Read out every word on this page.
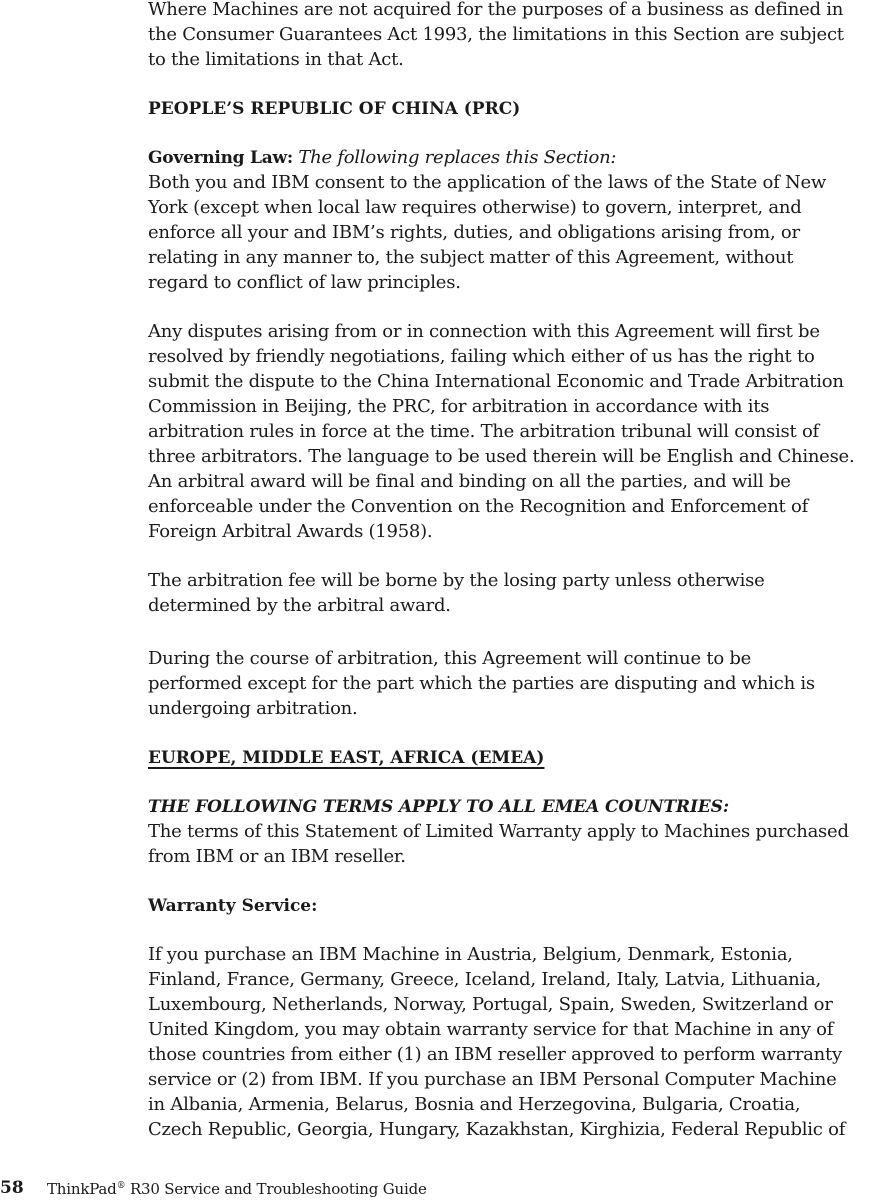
Where Machines are not acquired for the purposes of a business as defined in
the Consumer Guarantees Act 1993, the limitations in this Section are subject
to the limitations in that Act.
PEOPLE’S REPUBLIC OF CHINA (PRC)
Governing Law: The following replaces this Section:
Both you and IBM consent to the application of the laws of the State of New
York (except when local law requires otherwise) to govern, interpret, and
enforce all your and IBM’s rights, duties, and obligations arising from, or
relating in any manner to, the subject matter of this Agreement, without
regard to conflict of law principles.
Any disputes arising from or in connection with this Agreement will first be
resolved by friendly negotiations, failing which either of us has the right to
submit the dispute to the China International Economic and Trade Arbitration
Commission in Beijing, the PRC, for arbitration in accordance with its
arbitration rules in force at the time. The arbitration tribunal will consist of
three arbitrators. The language to be used therein will be English and Chinese.
An arbitral award will be final and binding on all the parties, and will be
enforceable under the Convention on the Recognition and Enforcement of
Foreign Arbitral Awards (1958).
The arbitration fee will be borne by the losing party unless otherwise
determined by the arbitral award.
During the course of arbitration, this Agreement will continue to be
performed except for the part which the parties are disputing and which is
undergoing arbitration.
EUROPE, MIDDLE EAST, AFRICA (EMEA)
THE FOLLOWING TERMS APPLY TO ALL EMEA COUNTRIES:
The terms of this Statement of Limited Warranty apply to Machines purchased
from IBM or an IBM reseller.
Warranty Service:
If you purchase an IBM Machine in Austria, Belgium, Denmark, Estonia,
Finland, France, Germany, Greece, Iceland, Ireland, Italy, Latvia, Lithuania,
Luxembourg, Netherlands, Norway, Portugal, Spain, Sweden, Switzerland or
United Kingdom, you may obtain warranty service for that Machine in any of
those countries from either (1) an IBM reseller approved to perform warranty
service or (2) from IBM. If you purchase an IBM Personal Computer Machine
in Albania, Armenia, Belarus, Bosnia and Herzegovina, Bulgaria, Croatia,
Czech Republic, Georgia, Hungary, Kazakhstan, Kirghizia, Federal Republic of
58 ThinkPad® R30 Service and Troubleshooting Guide
